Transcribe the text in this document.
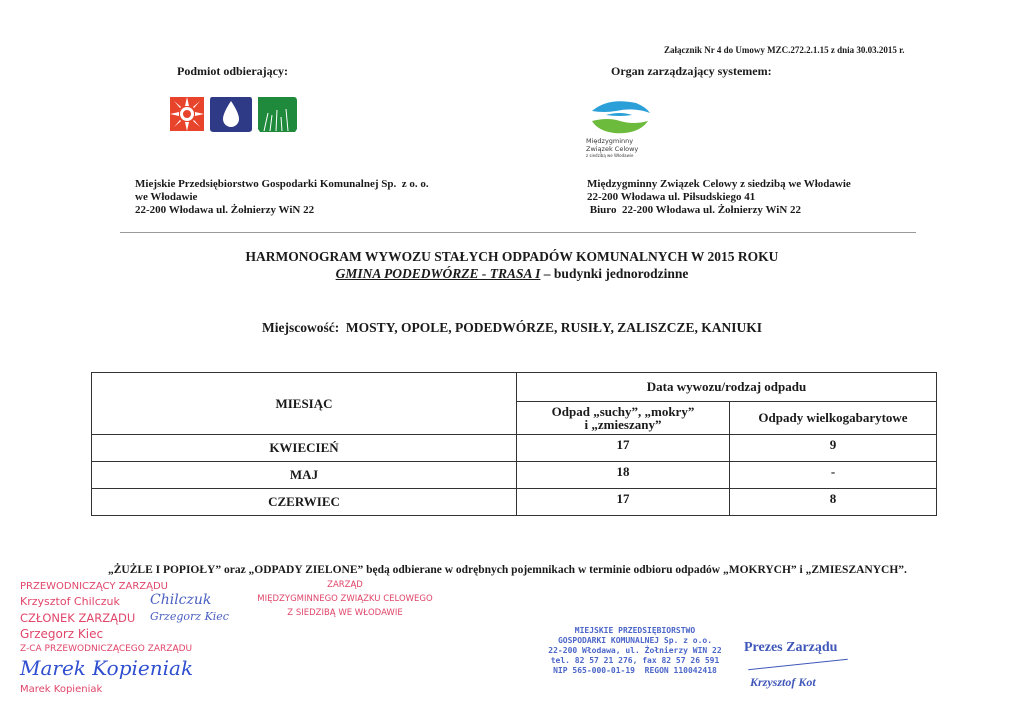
Załącznik Nr 4 do Umowy MZC.272.2.1.15 z dnia 30.03.2015 r.
Podmiot odbierający:	Organ zarządzający systemem:
Międzygminny
Związek Celowy
z siedzibą we Włodawie
Miejskie Przedsiębiorstwo Gospodarki Komunalnej Sp.  z o. o.
we Włodawie
22-200 Włodawa ul. Żołnierzy WiN 22
Międzygminny Związek Celowy z siedzibą we Włodawie
22-200 Włodawa ul. Piłsudskiego 41
Biuro  22-200 Włodawa ul. Żołnierzy WiN 22
HARMONOGRAM WYWOZU STAŁYCH ODPADÓW KOMUNALNYCH W 2015 ROKU
GMINA PODEDWÓRZE - TRASA I – budynki jednorodzinne
Miejscowość:  MOSTY, OPOLE, PODEDWÓRZE, RUSIŁY, ZALISZCZE, KANIUKI
MIESIĄC	Data wywozu/rodzaj odpadu	

	Odpad „suchy”, „mokry”
i „zmieszany”	Odpady wielkogabarytowe
KWIECIEŃ	17	9
MAJ	18	-
CZERWIEC	17	8
„ŻUŻLE I POPIOŁY” oraz „ODPADY ZIELONE” będą odbierane w odrębnych pojemnikach w terminie odbioru odpadów „MOKRYCH” i „ZMIESZANYCH”.
PRZEWODNICZĄCY ZARZĄDU
Krzysztof Chilczuk Chilczuk
CZŁONEK ZARZĄDU Grzegorz Kiec
ZARZĄD
MIĘDZYGMINNEGO ZWIĄZKU CELOWEGO
Z SIEDZIBĄ WE WŁODAWIE
Grzegorz Kiec
Z-CA PRZEWODNICZĄCEGO ZARZĄDU
Marek Kopieniak
Marek Kopieniak
MIEJSKIE PRZEDSIĘBIORSTWO
GOSPODARKI KOMUNALNEJ Sp. z o.o.
22-200 Włodawa, ul. Żołnierzy WIN 22
tel. 82 57 21 276, fax 82 57 26 591
NIP 565-000-01-19  REGON 110042418
Prezes Zarządu
Krzysztof Kot
